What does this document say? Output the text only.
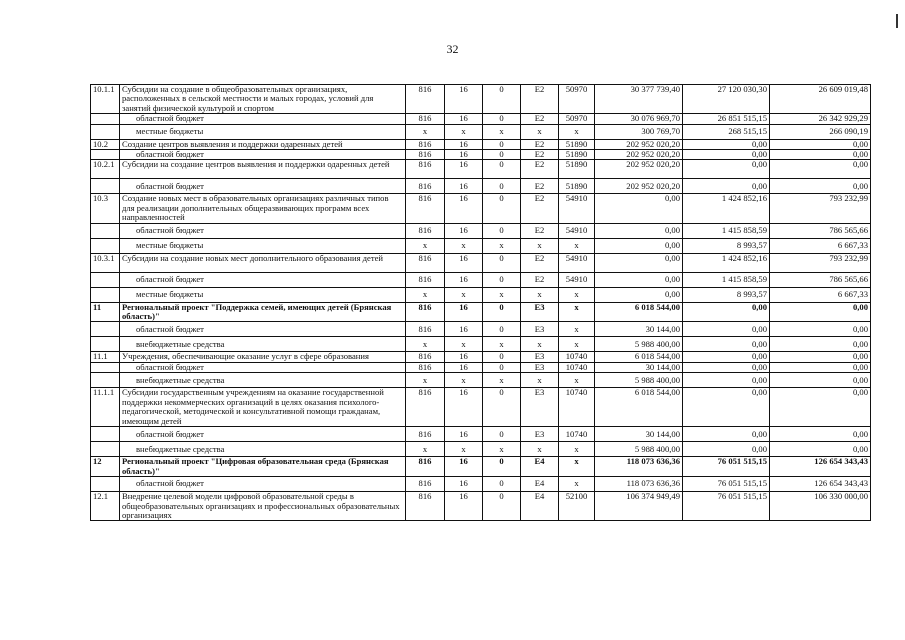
32
10.1.1	Субсидии на создание в общеобразовательных организациях, расположенных в сельской местности и малых городах, условий для занятий физической культурой и спортом	816	16	0	Е2	50970	30 377 739,40	27 120 030,30	26 609 019,48
	областной бюджет	816	16	0	Е2	50970	30 076 969,70	26 851 515,15	26 342 929,29
	местные бюджеты	х	х	х	х	х	300 769,70	268 515,15	266 090,19
10.2	Создание центров выявления и поддержки одаренных детей	816	16	0	Е2	51890	202 952 020,20	0,00	0,00
	областной бюджет	816	16	0	Е2	51890	202 952 020,20	0,00	0,00
10.2.1	Субсидии на создание центров выявления и поддержки одаренных детей	816	16	0	Е2	51890	202 952 020,20	0,00	0,00
	областной бюджет	816	16	0	Е2	51890	202 952 020,20	0,00	0,00
10.3	Создание новых мест в образовательных организациях различных типов для реализации дополнительных общеразвивающих программ всех направленностей	816	16	0	Е2	54910	0,00	1 424 852,16	793 232,99
	областной бюджет	816	16	0	Е2	54910	0,00	1 415 858,59	786 565,66
	местные бюджеты	х	х	х	х	х	0,00	8 993,57	6 667,33
10.3.1	Субсидии на создание новых мест дополнительного образования детей	816	16	0	Е2	54910	0,00	1 424 852,16	793 232,99
	областной бюджет	816	16	0	Е2	54910	0,00	1 415 858,59	786 565,66
	местные бюджеты	х	х	х	х	х	0,00	8 993,57	6 667,33
11	Региональный проект "Поддержка семей, имеющих детей (Брянская область)"	816	16	0	Е3	х	6 018 544,00	0,00	0,00
	областной бюджет	816	16	0	Е3	х	30 144,00	0,00	0,00
	внебюджетные средства	х	х	х	х	х	5 988 400,00	0,00	0,00
11.1	Учреждения, обеспечивающие оказание услуг в сфере образования	816	16	0	Е3	10740	6 018 544,00	0,00	0,00
	областной бюджет	816	16	0	Е3	10740	30 144,00	0,00	0,00
	внебюджетные средства	х	х	х	х	х	5 988 400,00	0,00	0,00
11.1.1	Субсидии государственным учреждениям на оказание государственной поддержки некоммерческих организаций в целях оказания психолого-педагогической, методической и консультативной помощи гражданам, имеющим детей	816	16	0	Е3	10740	6 018 544,00	0,00	0,00
	областной бюджет	816	16	0	Е3	10740	30 144,00	0,00	0,00
	внебюджетные средства	х	х	х	х	х	5 988 400,00	0,00	0,00
12	Региональный проект "Цифровая образовательная среда (Брянская область)"	816	16	0	Е4	х	118 073 636,36	76 051 515,15	126 654 343,43
	областной бюджет	816	16	0	Е4	х	118 073 636,36	76 051 515,15	126 654 343,43
12.1	Внедрение целевой модели цифровой образовательной среды в общеобразовательных организациях и профессиональных образовательных организациях	816	16	0	Е4	52100	106 374 949,49	76 051 515,15	106 330 000,00
